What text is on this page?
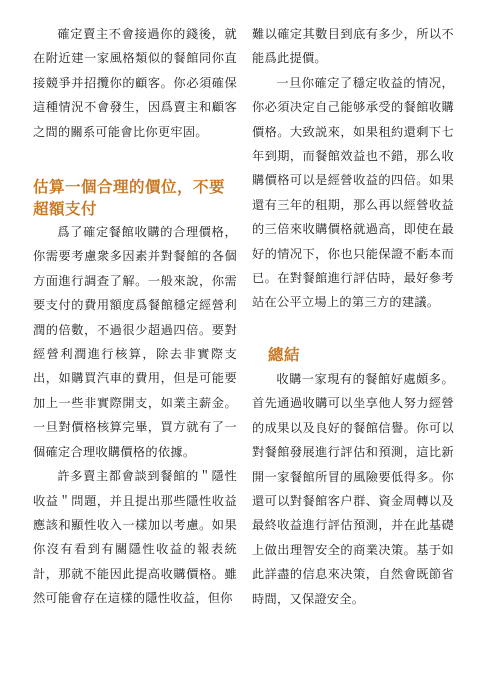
確定賣主不會接過你的錢後，就在附近建一家風格類似的餐館同你直接競爭并招攬你的顧客。你必須確保這種情況不會發生，因爲賣主和顧客之間的關系可能會比你更牢固。

估算一個合理的價位，不要超額支付

爲了確定餐館收購的合理價格，你需要考慮衆多因素并對餐館的各個方面進行調查了解。一般來說，你需要支付的費用額度爲餐館穩定經營利潤的倍數，不過很少超過四倍。要對經營利潤進行核算，除去非實際支出，如購買汽車的費用，但是可能要加上一些非實際開支，如業主薪金。一旦對價格核算完畢，買方就有了一個確定合理收購價格的依據。

許多賣主都會談到餐館的＂隱性收益＂問題，并且提出那些隱性收益應該和顯性收入一樣加以考慮。如果你沒有看到有關隱性收益的報表統計，那就不能因此提高收購價格。雖然可能會存在這樣的隱性收益，但你

難以確定其數目到底有多少，所以不能爲此提價。

一旦你確定了穩定收益的情况，你必須决定自己能够承受的餐館收購價格。大致説來，如果租約還剩下七年到期，而餐館效益也不錯，那么收購價格可以是經營收益的四倍。如果還有三年的租期，那么再以經營收益的三倍來收購價格就過高，即使在最好的情况下，你也只能保證不虧本而已。在對餐館進行評估時，最好參考站在公平立場上的第三方的建議。

總結

收購一家現有的餐館好處頗多。首先通過收購可以坐享他人努力經營的成果以及良好的餐館信譽。你可以對餐館發展進行評估和預測，這比新開一家餐館所冒的風險要低得多。你還可以對餐館客户群、資金周轉以及最終收益進行評估預測，并在此基礎上做出理智安全的商業决策。基于如此詳盡的信息來决策，自然會既節省時間，又保證安全。
